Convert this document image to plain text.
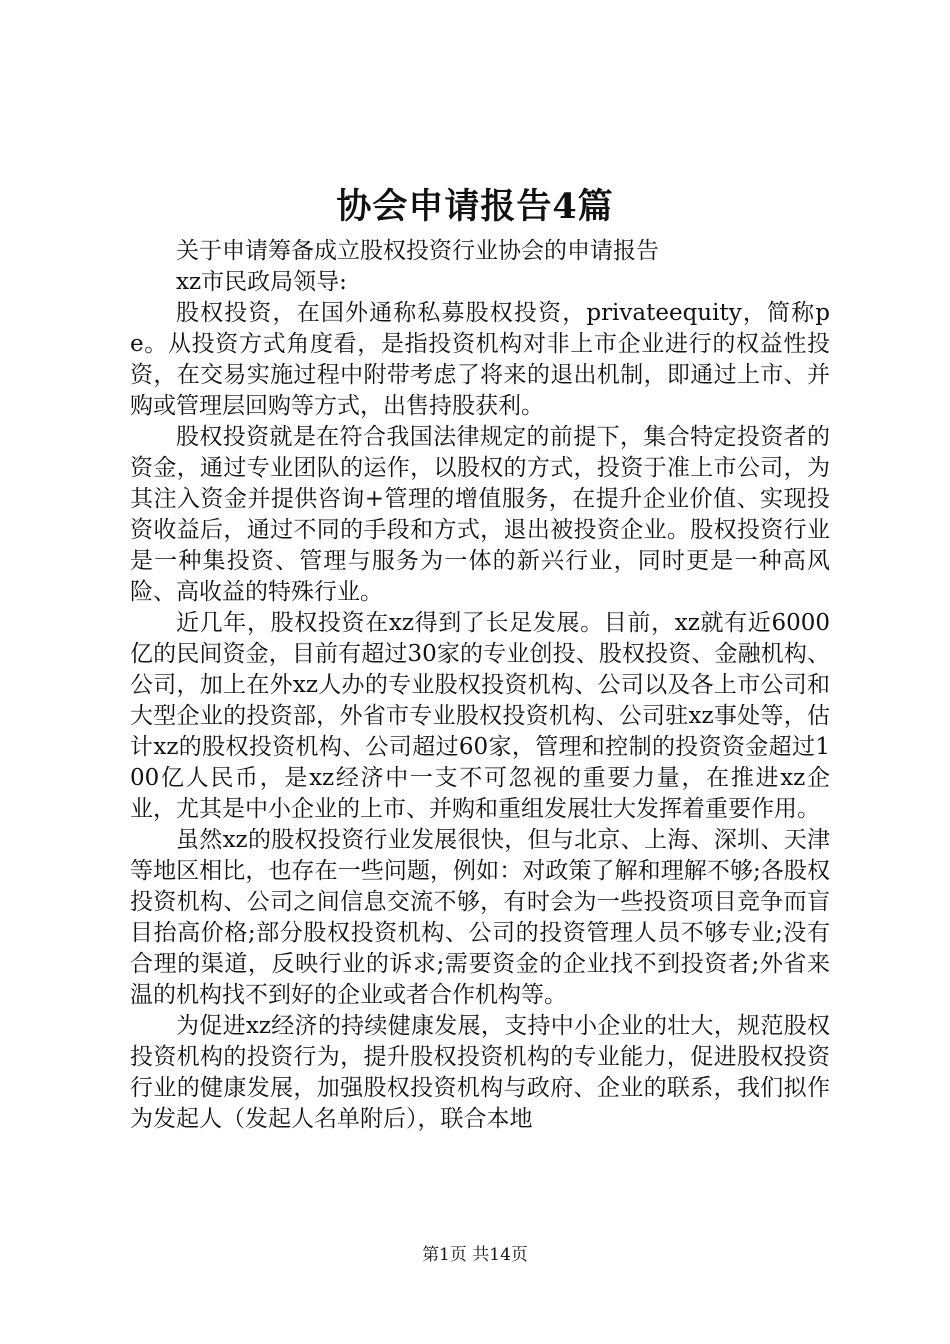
协会申请报告4篇

关于申请筹备成立股权投资行业协会的申请报告

xz市民政局领导:

股权投资，在国外通称私募股权投资，privateequity，简称pe。从投资方式角度看，是指投资机构对非上市企业进行的权益性投资，在交易实施过程中附带考虑了将来的退出机制，即通过上市、并购或管理层回购等方式，出售持股获利。

股权投资就是在符合我国法律规定的前提下，集合特定投资者的资金，通过专业团队的运作，以股权的方式，投资于准上市公司，为其注入资金并提供咨询+管理的增值服务，在提升企业价值、实现投资收益后，通过不同的手段和方式，退出被投资企业。股权投资行业是一种集投资、管理与服务为一体的新兴行业，同时更是一种高风险、高收益的特殊行业。

近几年，股权投资在xz得到了长足发展。目前，xz就有近6000亿的民间资金，目前有超过30家的专业创投、股权投资、金融机构、公司，加上在外xz人办的专业股权投资机构、公司以及各上市公司和大型企业的投资部，外省市专业股权投资机构、公司驻xz事处等，估计xz的股权投资机构、公司超过60家，管理和控制的投资资金超过100亿人民币，是xz经济中一支不可忽视的重要力量，在推进xz企业，尤其是中小企业的上市、并购和重组发展壮大发挥着重要作用。

虽然xz的股权投资行业发展很快，但与北京、上海、深圳、天津等地区相比，也存在一些问题，例如：对政策了解和理解不够;各股权投资机构、公司之间信息交流不够，有时会为一些投资项目竞争而盲目抬高价格;部分股权投资机构、公司的投资管理人员不够专业;没有合理的渠道，反映行业的诉求;需要资金的企业找不到投资者;外省来温的机构找不到好的企业或者合作机构等。

为促进xz经济的持续健康发展，支持中小企业的壮大，规范股权投资机构的投资行为，提升股权投资机构的专业能力，促进股权投资行业的健康发展，加强股权投资机构与政府、企业的联系，我们拟作为发起人（发起人名单附后），联合本地

第1页 共14页
